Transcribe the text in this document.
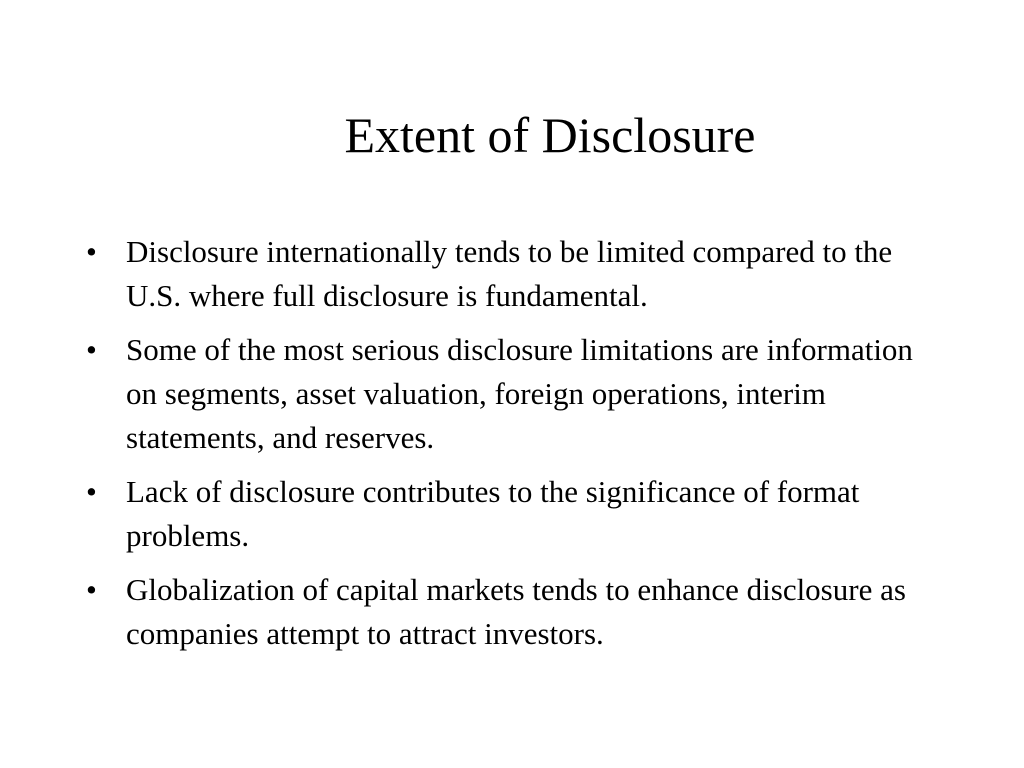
Extent of Disclosure
• Disclosure internationally tends to be limited compared to the U.S. where full disclosure is fundamental.
• Some of the most serious disclosure limitations are information on segments, asset valuation, foreign operations, interim statements, and reserves.
• Lack of disclosure contributes to the significance of format problems.
• Globalization of capital markets tends to enhance disclosure as companies attempt to attract investors.
